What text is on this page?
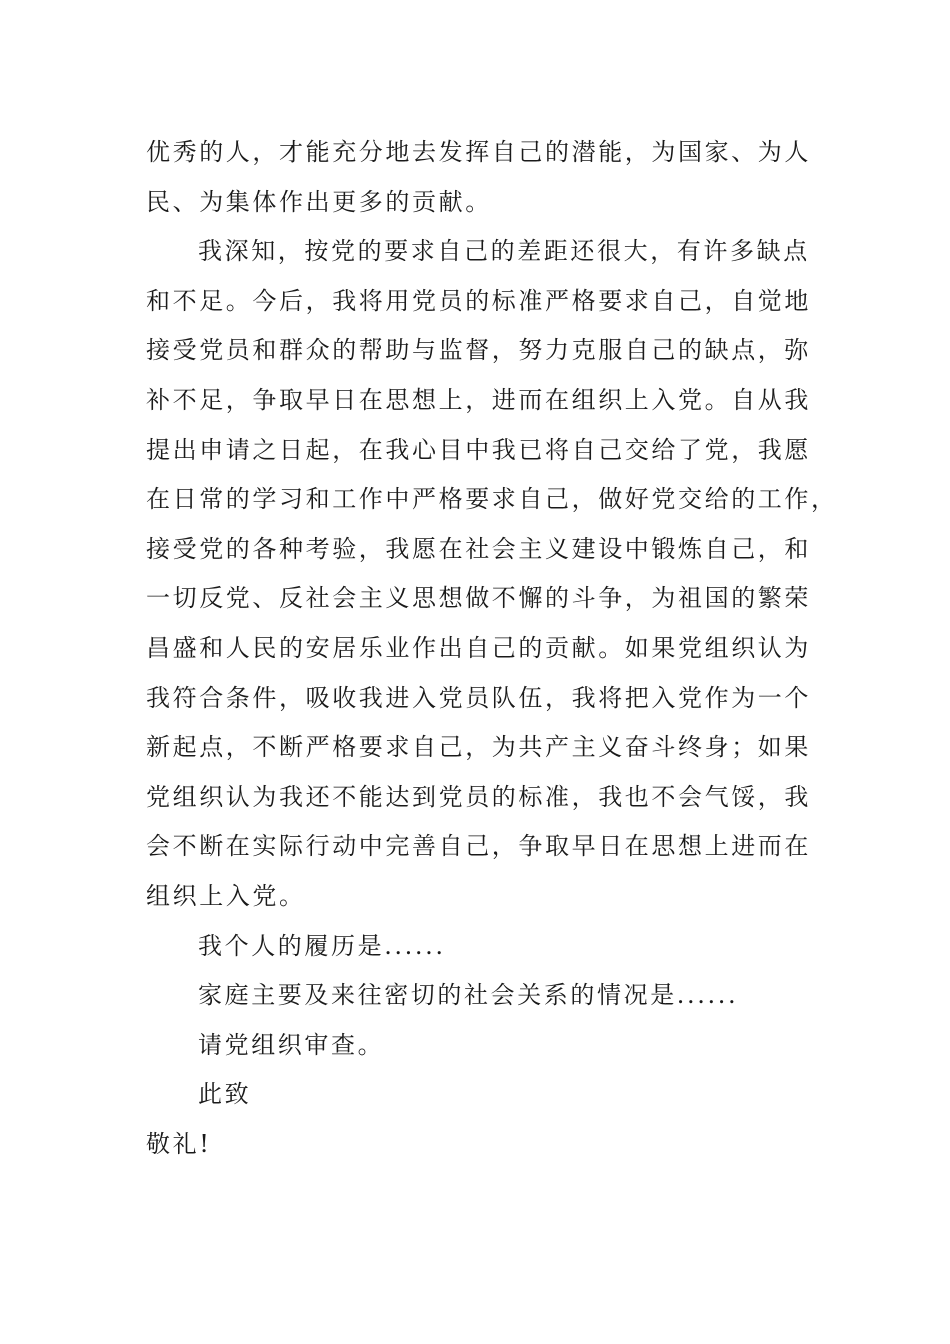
优秀的人，才能充分地去发挥自己的潜能，为国家、为人
民、为集体作出更多的贡献。
我深知，按党的要求自己的差距还很大，有许多缺点
和不足。今后，我将用党员的标准严格要求自己，自觉地
接受党员和群众的帮助与监督，努力克服自己的缺点，弥
补不足，争取早日在思想上，进而在组织上入党。自从我
提出申请之日起，在我心目中我已将自己交给了党，我愿
在日常的学习和工作中严格要求自己，做好党交给的工作，
接受党的各种考验，我愿在社会主义建设中锻炼自己，和
一切反党、反社会主义思想做不懈的斗争，为祖国的繁荣
昌盛和人民的安居乐业作出自己的贡献。如果党组织认为
我符合条件，吸收我进入党员队伍，我将把入党作为一个
新起点，不断严格要求自己，为共产主义奋斗终身；如果
党组织认为我还不能达到党员的标准，我也不会气馁，我
会不断在实际行动中完善自己，争取早日在思想上进而在
组织上入党。
我个人的履历是......
家庭主要及来往密切的社会关系的情况是......
请党组织审查。
此致
敬礼!
